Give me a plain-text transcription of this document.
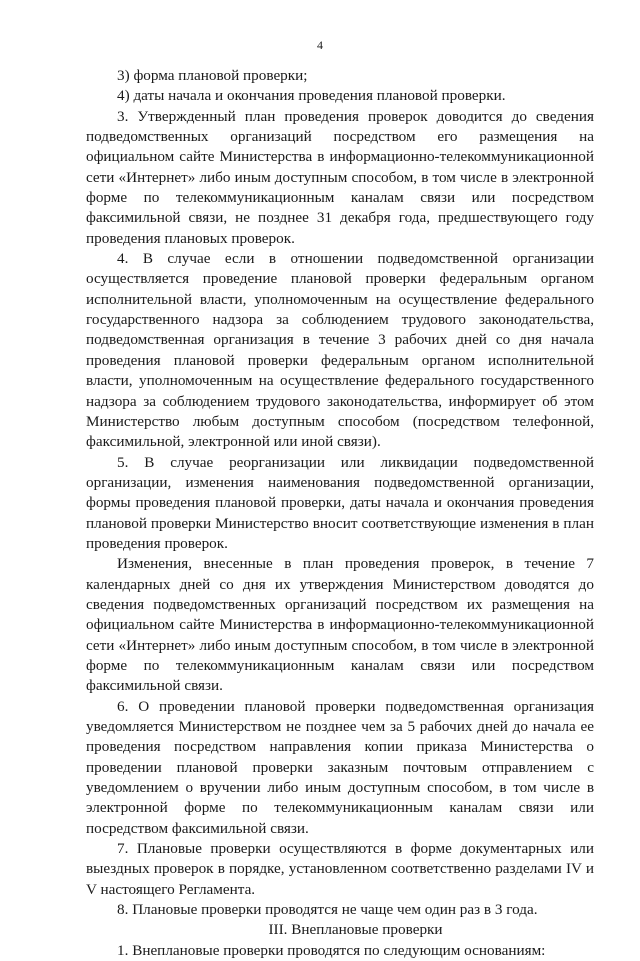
4

3) форма плановой проверки;

4) даты начала и окончания проведения плановой проверки.

3. Утвержденный план проведения проверок доводится до сведения подведомственных организаций посредством его размещения на официальном сайте Министерства в информационно-телекоммуникационной сети «Интернет» либо иным доступным способом, в том числе в электронной форме по телекоммуникационным каналам связи или посредством факсимильной связи, не позднее 31 декабря года, предшествующего году проведения плановых проверок.

4. В случае если в отношении подведомственной организации осуществляется проведение плановой проверки федеральным органом исполнительной власти, уполномоченным на осуществление федерального государственного надзора за соблюдением трудового законодательства, подведомственная организация в течение 3 рабочих дней со дня начала проведения плановой проверки федеральным органом исполнительной власти, уполномоченным на осуществление федерального государственного надзора за соблюдением трудового законодательства, информирует об этом Министерство любым доступным способом (посредством телефонной, факсимильной, электронной или иной связи).

5. В случае реорганизации или ликвидации подведомственной организации, изменения наименования подведомственной организации, формы проведения плановой проверки, даты начала и окончания проведения плановой проверки Министерство вносит соответствующие изменения в план проведения проверок.

Изменения, внесенные в план проведения проверок, в течение 7 календарных дней со дня их утверждения Министерством доводятся до сведения подведомственных организаций посредством их размещения на официальном сайте Министерства в информационно-телекоммуникационной сети «Интернет» либо иным доступным способом, в том числе в электронной форме по телекоммуникационным каналам связи или посредством факсимильной связи.

6. О проведении плановой проверки подведомственная организация уведомляется Министерством не позднее чем за 5 рабочих дней до начала ее проведения посредством направления копии приказа Министерства о проведении плановой проверки заказным почтовым отправлением с уведомлением о вручении либо иным доступным способом, в том числе в электронной форме по телекоммуникационным каналам связи или посредством факсимильной связи.

7. Плановые проверки осуществляются в форме документарных или выездных проверок в порядке, установленном соответственно разделами IV и V настоящего Регламента.

8. Плановые проверки проводятся не чаще чем один раз в 3 года.

III. Внеплановые проверки

1. Внеплановые проверки проводятся по следующим основаниям:
